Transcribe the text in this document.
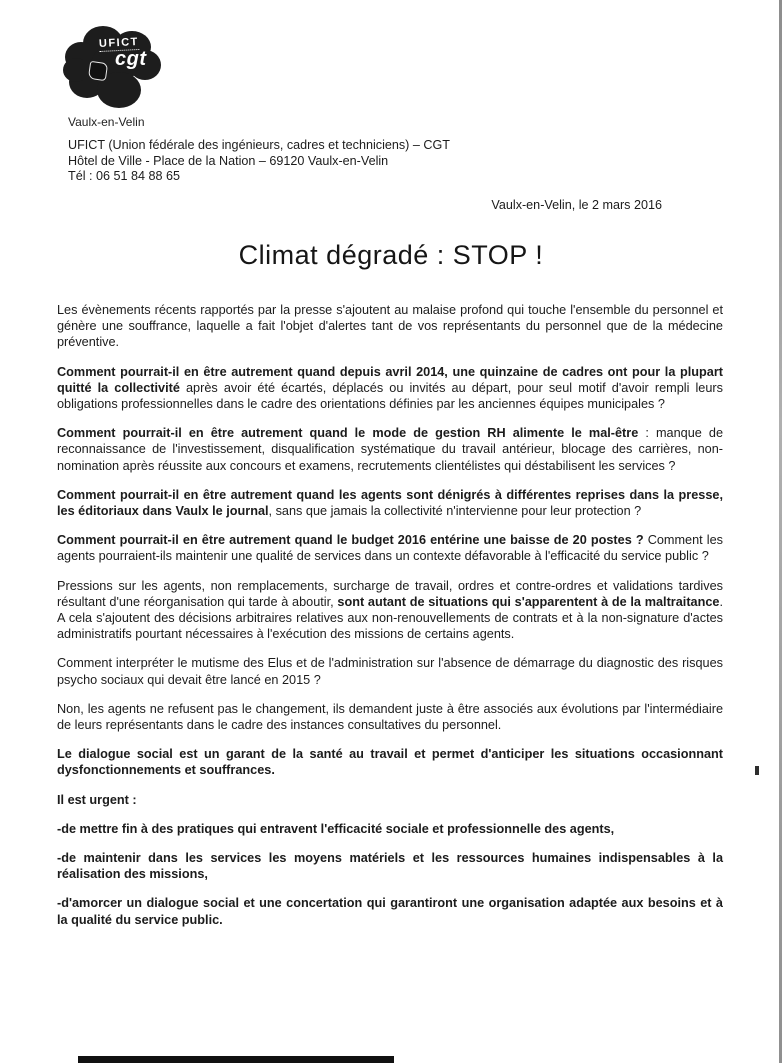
UFICT
cgt
Vaulx-en-Velin
UFICT (Union fédérale des ingénieurs, cadres et techniciens) – CGT
Hôtel de Ville - Place de la Nation – 69120 Vaulx-en-Velin
Tél : 06 51 84 88 65
Vaulx-en-Velin, le 2 mars 2016
Climat dégradé : STOP !

Les évènements récents rapportés par la presse s'ajoutent au malaise profond qui touche l'ensemble du personnel et génère une souffrance, laquelle a fait l'objet d'alertes tant de vos représentants du personnel que de la médecine préventive.

Comment pourrait-il en être autrement quand depuis avril 2014, une quinzaine de cadres ont pour la plupart quitté la collectivité après avoir été écartés, déplacés ou invités au départ, pour seul motif d'avoir rempli leurs obligations professionnelles dans le cadre des orientations définies par les anciennes équipes municipales ?

Comment pourrait-il en être autrement quand le mode de gestion RH alimente le mal-être : manque de reconnaissance de l'investissement, disqualification systématique du travail antérieur, blocage des carrières, non-nomination après réussite aux concours et examens, recrutements clientélistes qui déstabilisent les services ?

Comment pourrait-il en être autrement quand les agents sont dénigrés à différentes reprises dans la presse, les éditoriaux dans Vaulx le journal, sans que jamais la collectivité n'intervienne pour leur protection ?

Comment pourrait-il en être autrement quand le budget 2016 entérine une baisse de 20 postes ? Comment les agents pourraient-ils maintenir une qualité de services dans un contexte défavorable à l'efficacité du service public ?

Pressions sur les agents, non remplacements, surcharge de travail, ordres et contre-ordres et validations tardives résultant d'une réorganisation qui tarde à aboutir, sont autant de situations qui s'apparentent à de la maltraitance. A cela s'ajoutent des décisions arbitraires relatives aux non-renouvellements de contrats et à la non-signature d'actes administratifs pourtant nécessaires à l'exécution des missions de certains agents.

Comment interpréter le mutisme des Elus et de l'administration sur l'absence de démarrage du diagnostic des risques psycho sociaux qui devait être lancé en 2015 ?

Non, les agents ne refusent pas le changement, ils demandent juste à être associés aux évolutions par l'intermédiaire de leurs représentants dans le cadre des instances consultatives du personnel.

Le dialogue social est un garant de la santé au travail et permet d'anticiper les situations occasionnant dysfonctionnements et souffrances.

Il est urgent :

-de mettre fin à des pratiques qui entravent l'efficacité sociale et professionnelle des agents,

-de maintenir dans les services les moyens matériels et les ressources humaines indispensables à la réalisation des missions,

-d'amorcer un dialogue social et une concertation qui garantiront une organisation adaptée aux besoins et à la qualité du service public.
